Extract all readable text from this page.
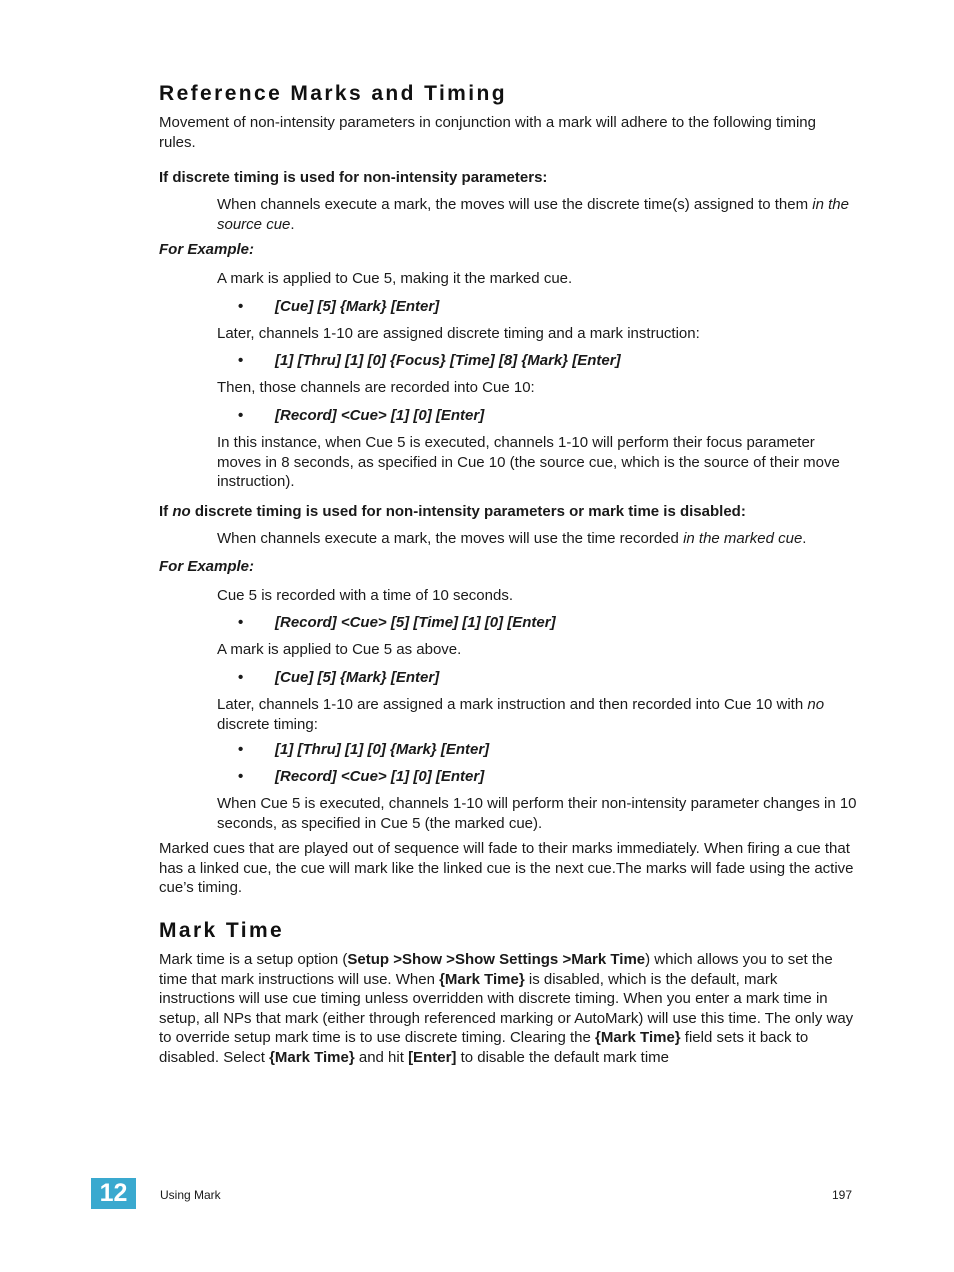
Reference Marks and Timing

Movement of non-intensity parameters in conjunction with a mark will adhere to the following timing rules.

If discrete timing is used for non-intensity parameters:

When channels execute a mark, the moves will use the discrete time(s) assigned to them in the source cue.

For Example:

A mark is applied to Cue 5, making it the marked cue.

• [Cue] [5] {Mark} [Enter]

Later, channels 1-10 are assigned discrete timing and a mark instruction:

• [1] [Thru] [1] [0] {Focus} [Time] [8] {Mark} [Enter]

Then, those channels are recorded into Cue 10:

• [Record] <Cue> [1] [0] [Enter]

In this instance, when Cue 5 is executed, channels 1-10 will perform their focus parameter moves in 8 seconds, as specified in Cue 10 (the source cue, which is the source of their move instruction).

If no discrete timing is used for non-intensity parameters or mark time is disabled:

When channels execute a mark, the moves will use the time recorded in the marked cue.

For Example:

Cue 5 is recorded with a time of 10 seconds.

• [Record] <Cue> [5] [Time] [1] [0] [Enter]

A mark is applied to Cue 5 as above.

• [Cue] [5] {Mark} [Enter]

Later, channels 1-10 are assigned a mark instruction and then recorded into Cue 10 with no discrete timing:

• [1] [Thru] [1] [0] {Mark} [Enter]

• [Record] <Cue> [1] [0] [Enter]

When Cue 5 is executed, channels 1-10 will perform their non-intensity parameter changes in 10 seconds, as specified in Cue 5 (the marked cue).

Marked cues that are played out of sequence will fade to their marks immediately. When firing a cue that has a linked cue, the cue will mark like the linked cue is the next cue.The marks will fade using the active cue’s timing.

Mark Time

Mark time is a setup option (Setup >Show >Show Settings >Mark Time) which allows you to set the time that mark instructions will use. When {Mark Time} is disabled, which is the default, mark instructions will use cue timing unless overridden with discrete timing. When you enter a mark time in setup, all NPs that mark (either through referenced marking or AutoMark) will use this time. The only way to override setup mark time is to use discrete timing. Clearing the {Mark Time} field sets it back to disabled. Select {Mark Time} and hit [Enter] to disable the default mark time

12	Using Mark	197
